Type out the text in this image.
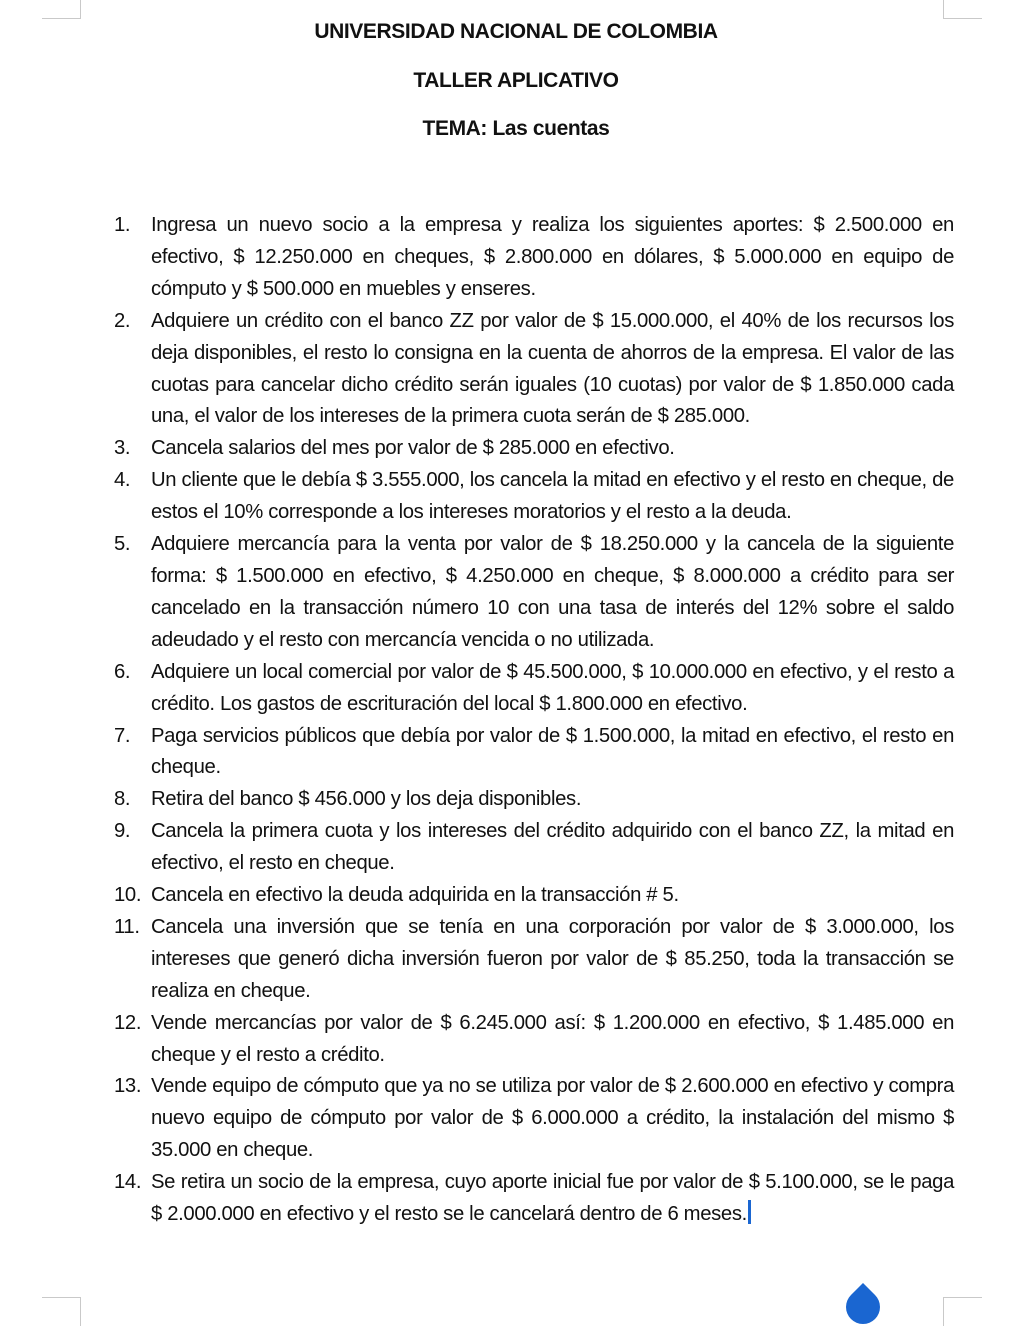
UNIVERSIDAD NACIONAL DE COLOMBIA
TALLER APLICATIVO
TEMA: Las cuentas
1. Ingresa un nuevo socio a la empresa y realiza los siguientes aportes: $ 2.500.000 en efectivo, $ 12.250.000 en cheques, $ 2.800.000 en dólares, $ 5.000.000 en equipo de cómputo y $ 500.000 en muebles y enseres.
2. Adquiere un crédito con el banco ZZ por valor de $ 15.000.000, el 40% de los recursos los deja disponibles, el resto lo consigna en la cuenta de ahorros de la empresa. El valor de las cuotas para cancelar dicho crédito serán iguales (10 cuotas) por valor de $ 1.850.000 cada una, el valor de los intereses de la primera cuota serán de $ 285.000.
3. Cancela salarios del mes por valor de $ 285.000 en efectivo.
4. Un cliente que le debía $ 3.555.000, los cancela la mitad en efectivo y el resto en cheque, de estos el 10% corresponde a los intereses moratorios y el resto a la deuda.
5. Adquiere mercancía para la venta por valor de $ 18.250.000 y la cancela de la siguiente forma: $ 1.500.000 en efectivo, $ 4.250.000 en cheque, $ 8.000.000 a crédito para ser cancelado en la transacción número 10 con una tasa de interés del 12% sobre el saldo adeudado y el resto con mercancía vencida o no utilizada.
6. Adquiere un local comercial por valor de $ 45.500.000, $ 10.000.000 en efectivo, y el resto a crédito. Los gastos de escrituración del local $ 1.800.000 en efectivo.
7. Paga servicios públicos que debía por valor de $ 1.500.000, la mitad en efectivo, el resto en cheque.
8. Retira del banco $ 456.000 y los deja disponibles.
9. Cancela la primera cuota y los intereses del crédito adquirido con el banco ZZ, la mitad en efectivo, el resto en cheque.
10. Cancela en efectivo la deuda adquirida en la transacción # 5.
11. Cancela una inversión que se tenía en una corporación por valor de $ 3.000.000, los intereses que generó dicha inversión fueron por valor de $ 85.250, toda la transacción se realiza en cheque.
12. Vende mercancías por valor de $ 6.245.000 así: $ 1.200.000 en efectivo, $ 1.485.000 en cheque y el resto a crédito.
13. Vende equipo de cómputo que ya no se utiliza por valor de $ 2.600.000 en efectivo y compra nuevo equipo de cómputo por valor de $ 6.000.000 a crédito, la instalación del mismo $ 35.000 en cheque.
14. Se retira un socio de la empresa, cuyo aporte inicial fue por valor de $ 5.100.000, se le paga $ 2.000.000 en efectivo y el resto se le cancelará dentro de 6 meses.
